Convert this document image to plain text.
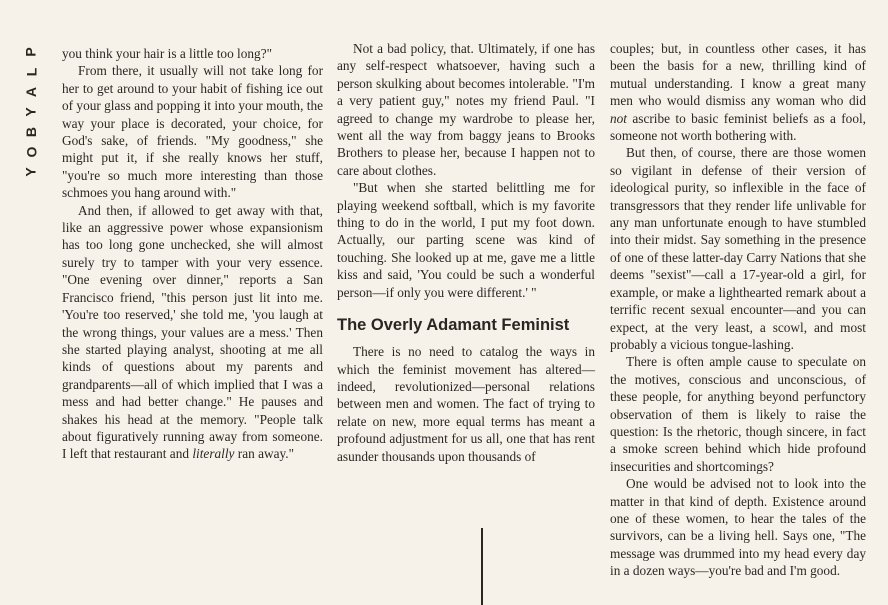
P
L
A
Y
B
O
Y

you think your hair is a little too long?"

From there, it usually will not take long for her to get around to your habit of fishing ice out of your glass and popping it into your mouth, the way your place is decorated, your choice, for God's sake, of friends. "My goodness," she might put it, if she really knows her stuff, "you're so much more interesting than those schmoes you hang around with."

And then, if allowed to get away with that, like an aggressive power whose expansionism has too long gone unchecked, she will almost surely try to tamper with your very essence. "One evening over dinner," reports a San Francisco friend, "this person just lit into me. 'You're too reserved,' she told me, 'you laugh at the wrong things, your values are a mess.' Then she started playing analyst, shooting at me all kinds of questions about my parents and grandparents—all of which implied that I was a mess and had better change." He pauses and shakes his head at the memory. "People talk about figuratively running away from someone. I left that restaurant and literally ran away."

Not a bad policy, that. Ultimately, if one has any self-respect whatsoever, having such a person skulking about becomes intolerable. "I'm a very patient guy," notes my friend Paul. "I agreed to change my wardrobe to please her, went all the way from baggy jeans to Brooks Brothers to please her, because I happen not to care about clothes.

"But when she started belittling me for playing weekend softball, which is my favorite thing to do in the world, I put my foot down. Actually, our parting scene was kind of touching. She looked up at me, gave me a little kiss and said, 'You could be such a wonderful person—if only you were different.' "

The Overly Adamant Feminist

There is no need to catalog the ways in which the feminist movement has altered—indeed, revolutionized—personal relations between men and women. The fact of trying to relate on new, more equal terms has meant a profound adjustment for us all, one that has rent asunder thousands upon thousands of

couples; but, in countless other cases, it has been the basis for a new, thrilling kind of mutual understanding. I know a great many men who would dismiss any woman who did not ascribe to basic feminist beliefs as a fool, someone not worth bothering with.

But then, of course, there are those women so vigilant in defense of their version of ideological purity, so inflexible in the face of transgressors that they render life unlivable for any man unfortunate enough to have stumbled into their midst. Say something in the presence of one of these latter-day Carry Nations that she deems "sexist"—call a 17-year-old a girl, for example, or make a lighthearted remark about a terrific recent sexual encounter—and you can expect, at the very least, a scowl, and most probably a vicious tongue-lashing.

There is often ample cause to speculate on the motives, conscious and unconscious, of these people, for anything beyond perfunctory observation of them is likely to raise the question: Is the rhetoric, though sincere, in fact a smoke screen behind which hide profound insecurities and shortcomings?

One would be advised not to look into the matter in that kind of depth. Existence around one of these women, to hear the tales of the survivors, can be a living hell. Says one, "The message was drummed into my head every day in a dozen ways—you're bad and I'm good.
